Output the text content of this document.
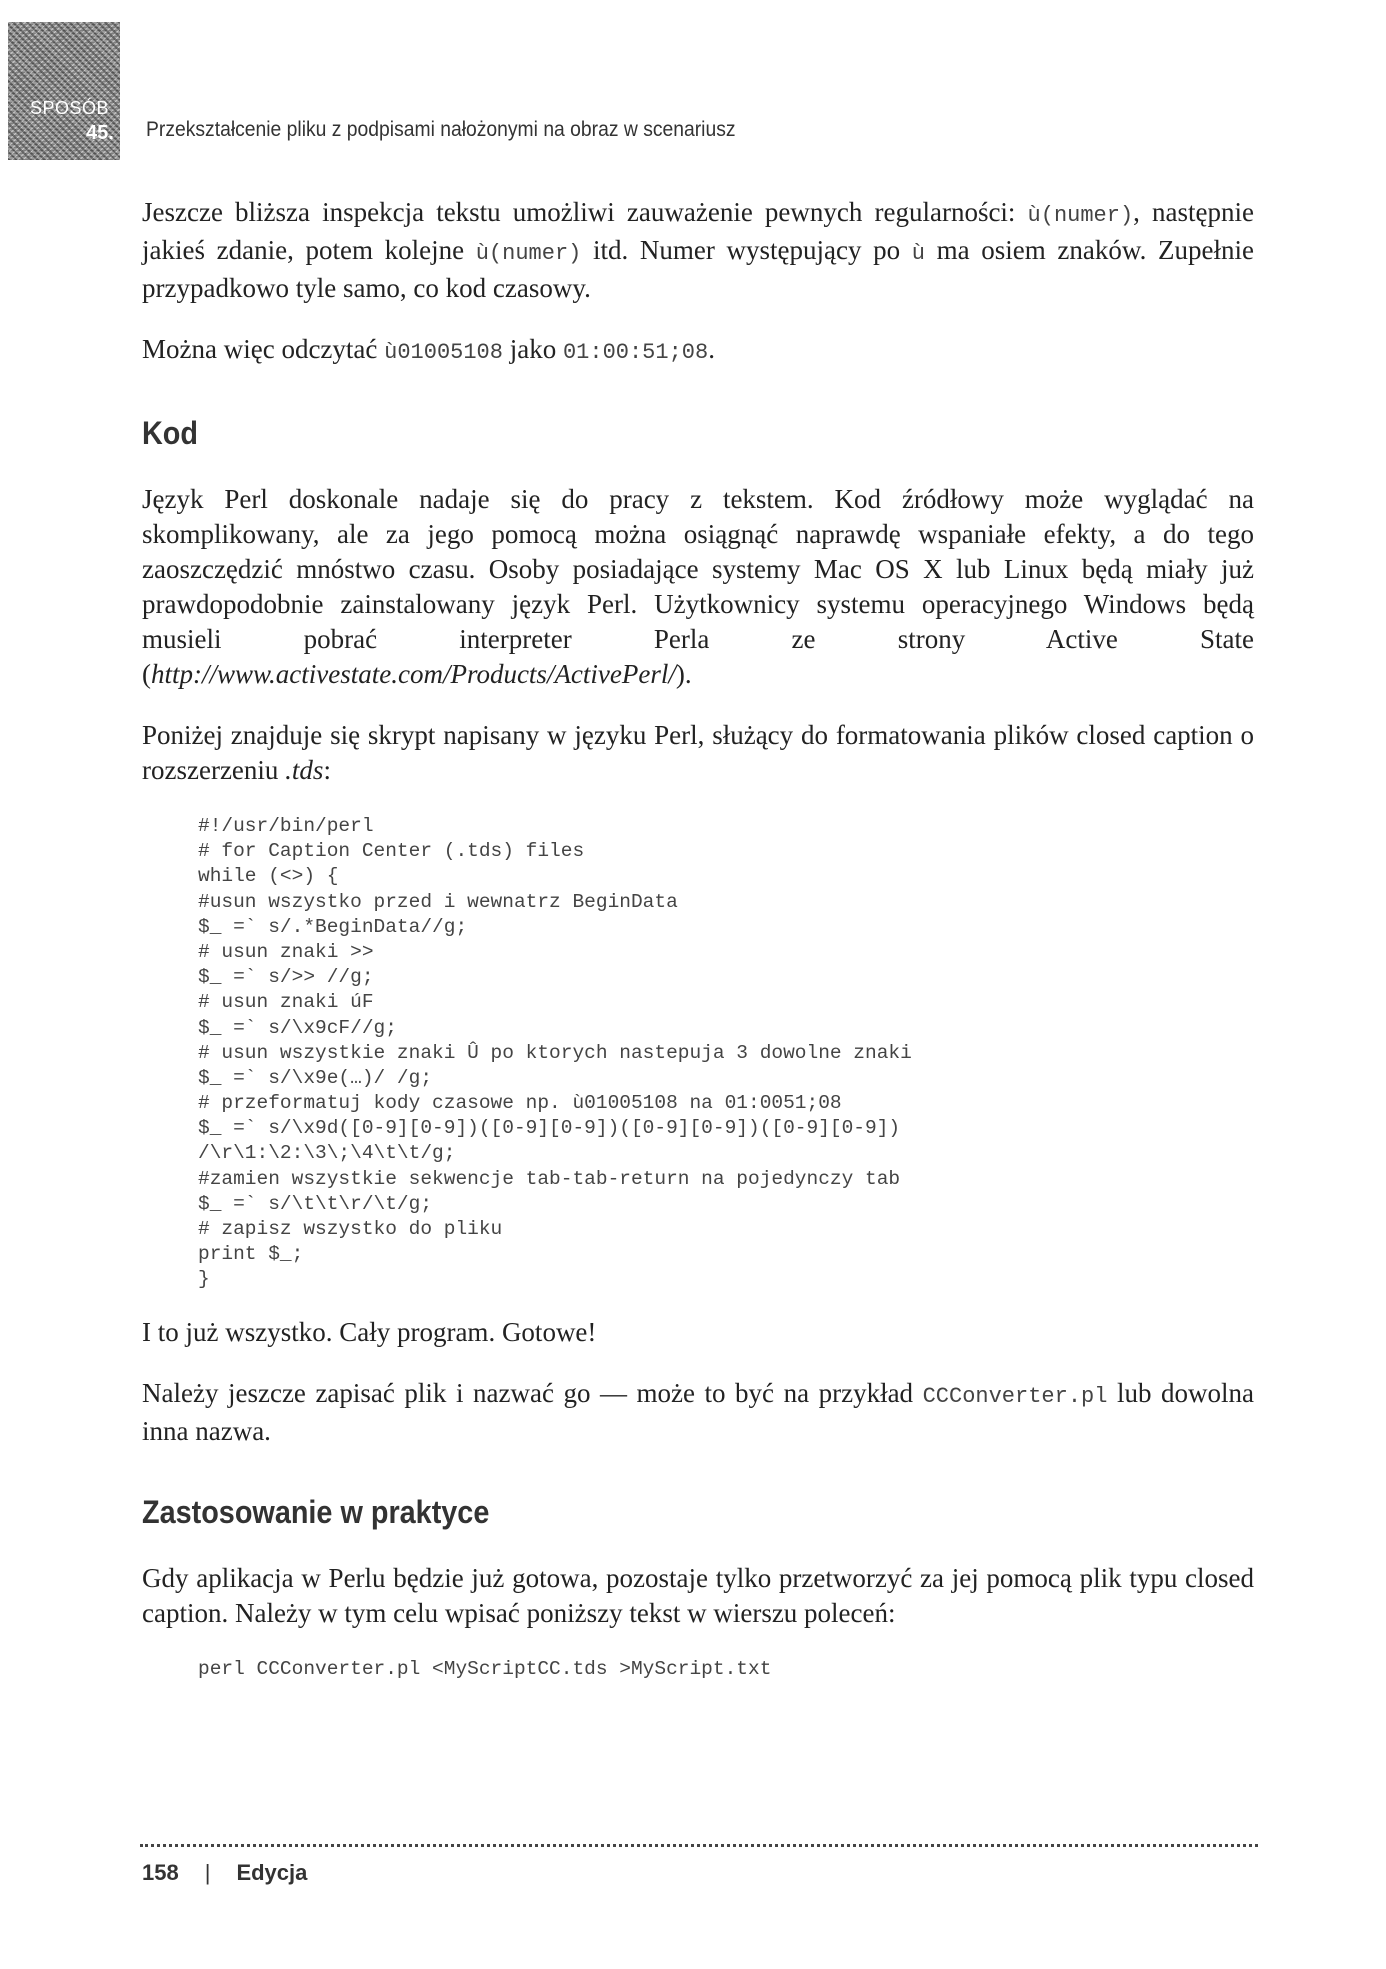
SPOSÓB
45. Przekształcenie pliku z podpisami nałożonymi na obraz w scenariusz

Jeszcze bliższa inspekcja tekstu umożliwi zauważenie pewnych regularności: ù(numer), następnie jakieś zdanie, potem kolejne ù(numer) itd. Numer występujący po ù ma osiem znaków. Zupełnie przypadkowo tyle samo, co kod czasowy.

Można więc odczytać ù01005108 jako 01:00:51;08.

Kod

Język Perl doskonale nadaje się do pracy z tekstem. Kod źródłowy może wyglądać na skomplikowany, ale za jego pomocą można osiągnąć naprawdę wspaniałe efekty, a do tego zaoszczędzić mnóstwo czasu. Osoby posiadające systemy Mac OS X lub Linux będą miały już prawdopodobnie zainstalowany język Perl. Użytkownicy systemu operacyjnego Windows będą musieli pobrać interpreter Perla ze strony Active State (http://www.activestate.com/Products/ActivePerl/).

Poniżej znajduje się skrypt napisany w języku Perl, służący do formatowania plików closed caption o rozszerzeniu .tds:

#!/usr/bin/perl
# for Caption Center (.tds) files
while (<>) {
#usun wszystko przed i wewnatrz BeginData
$_ =` s/.*BeginData//g;
# usun znaki >>
$_ =` s/>> //g;
# usun znaki úF
$_ =` s/\x9cF//g;
# usun wszystkie znaki Û po ktorych nastepuja 3 dowolne znaki
$_ =` s/\x9e(…)/ /g;
# przeformatuj kody czasowe np. ù01005108 na 01:0051;08
$_ =` s/\x9d([0-9][0-9])([0-9][0-9])([0-9][0-9])([0-9][0-9])
/\r\1:\2:\3\;\4\t\t/g;
#zamien wszystkie sekwencje tab-tab-return na pojedynczy tab
$_ =` s/\t\t\r/\t/g;
# zapisz wszystko do pliku
print $_;
}

I to już wszystko. Cały program. Gotowe!

Należy jeszcze zapisać plik i nazwać go — może to być na przykład CCConverter.pl lub dowolna inna nazwa.

Zastosowanie w praktyce

Gdy aplikacja w Perlu będzie już gotowa, pozostaje tylko przetworzyć za jej pomocą plik typu closed caption. Należy w tym celu wpisać poniższy tekst w wierszu poleceń:

perl CCConverter.pl <MyScriptCC.tds >MyScript.txt
158 | Edycja
